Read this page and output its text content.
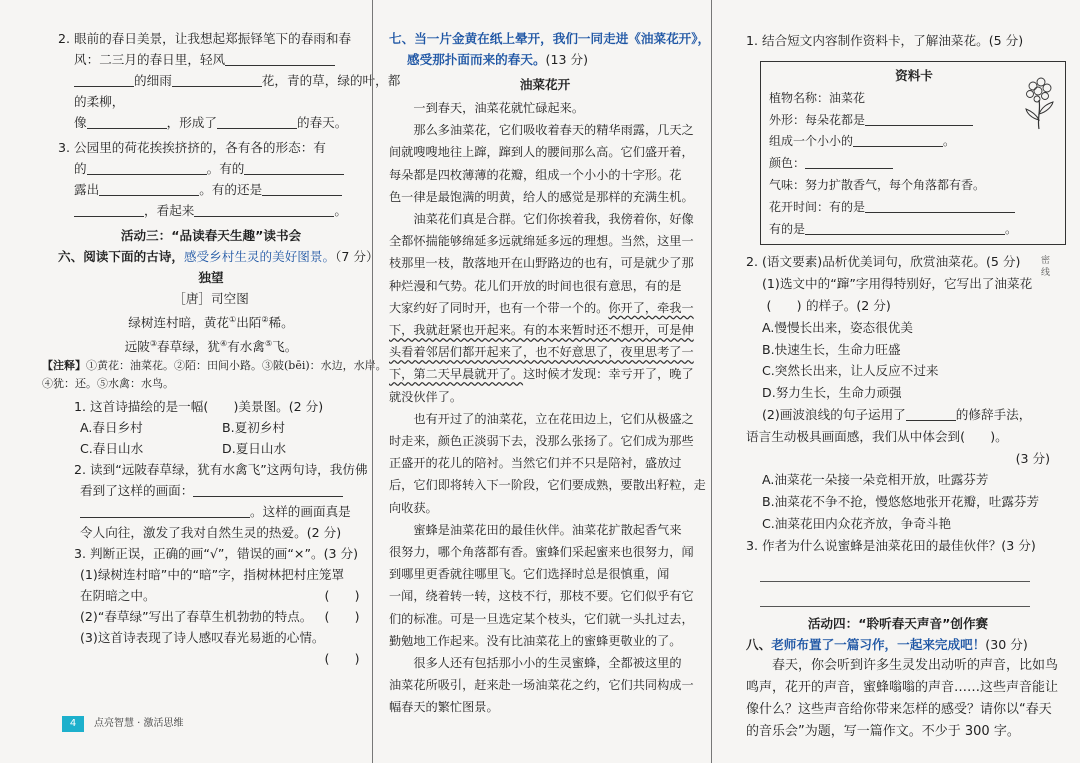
2. 眼前的春日美景，让我想起郑振铎笔下的春雨和春

风：二三月的春日里，轻风

的细雨	花，青的草，绿的叶，都

的柔柳，

像	，形成了	的春天。

3. 公园里的荷花挨挨挤挤的，各有各的形态：有

的	。有的

露出	。有的还是

，看起来	。

活动三：“品读春天生趣”读书会

六、阅读下面的古诗，感受乡村生灵的美好图景。（7 分）

独望

［唐］司空图

绿树连村暗，黄花①出陌②稀。

远陂③春草绿，犹④有水禽⑤飞。

【注释】①黄花：油菜花。②陌：田间小路。③陂(bēi)：水边，水岸。

④犹：还。⑤水禽：水鸟。

1. 这首诗描绘的是一幅(　　)美景图。(2 分)

A.春日乡村	B.夏初乡村
C.春日山水	D.夏日山水

2. 读到“远陂春草绿，犹有水禽飞”这两句诗，我仿佛

看到了这样的画面：

。这样的画面真是

令人向往，激发了我对自然生灵的热爱。(2 分)

3. 判断正误，正确的画“√”，错误的画“×”。(3 分)

(1)绿树连村暗”中的“暗”字，指树林把村庄笼罩

在阴暗之中。	(　　)

(2)“春草绿”写出了春草生机勃勃的特点。 (　　)

(3)这首诗表现了诗人感叹春光易逝的心情。

(　　)

七、当一片金黄在纸上晕开，我们一同走进《油菜花开》，

感受那扑面而来的春天。(13 分)

油菜花开

一到春天，油菜花就忙碌起来。

那么多油菜花，它们吸收着春天的精华雨露，几天之

间就嗖嗖地往上蹿，蹿到人的腰间那么高。它们盛开着，

每朵都是四枚薄薄的花瓣，组成一个小小的十字形。花

色一律是最饱满的明黄，给人的感觉是那样的充满生机。

油菜花们真是合群。它们你挨着我，我傍着你，好像

全都怀揣能够绵延多远就绵延多远的理想。当然，这里一

枝那里一枝，散落地开在山野路边的也有，可是就少了那

种烂漫和气势。花儿们开放的时间也很有意思，有的是

大家约好了同时开，也有一个带一个的。你开了，牵我一

下，我就赶紧也开起来。有的本来暂时还不想开，可是伸

头看着邻居们都开起来了，也不好意思了，夜里思考了一

下，第二天早晨就开了。这时候才发现：幸亏开了，晚了

就没伙伴了。

也有开过了的油菜花，立在花田边上，它们从极盛之

时走来，颜色正淡弱下去，没那么张扬了。它们成为那些

正盛开的花儿的陪衬。当然它们并不只是陪衬，盛放过

后，它们即将转入下一阶段，它们要成熟，要散出籽粒，走

向收获。

蜜蜂是油菜花田的最佳伙伴。油菜花扩散起香气来

很努力，哪个角落都有香。蜜蜂们采起蜜来也很努力，闻

到哪里更香就往哪里飞。它们选择时总是很慎重，闻

一闻，绕着转一转，这枝不行，那枝不要。它们似乎有它

们的标准。可是一旦选定某个枝头，它们就一头扎过去，

勤勉地工作起来。没有比油菜花上的蜜蜂更敬业的了。

很多人还有包括那小小的生灵蜜蜂，全都被这里的

油菜花所吸引，赶来赴一场油菜花之约，它们共同构成一

幅春天的繁忙图景。

1. 结合短文内容制作资料卡，了解油菜花。(5 分)

资料卡

植物名称：油菜花

外形：每朵花都是

组成一个小小的	。

颜色：

气味：努力扩散香气，每个角落都有香。

花开时间：有的是

有的是	。

2. (语文要素)品析优美词句，欣赏油菜花。(5 分)

(1)选文中的“蹿”字用得特别好，它写出了油菜花

(　　) 的样子。(2 分)

A.慢慢长出来，姿态很优美

B.快速生长，生命力旺盛

C.突然长出来，让人反应不过来

D.努力生长，生命力顽强

(2)画波浪线的句子运用了	的修辞手法，

语言生动极具画面感，我们从中体会到(　　)。

(3 分)

A.油菜花一朵接一朵竞相开放，吐露芬芳

B.油菜花不争不抢，慢悠悠地张开花瓣，吐露芬芳

C.油菜花田内众花齐放，争奇斗艳

3. 作者为什么说蜜蜂是油菜花田的最佳伙伴？(3 分)

活动四：“聆听春天声音”创作赛

八、老师布置了一篇习作，一起来完成吧！(30 分)

春天，你会听到许多生灵发出动听的声音，比如鸟

鸣声，花开的声音，蜜蜂嗡嗡的声音……这些声音能让

像什么？这些声音给你带来怎样的感受？请你以“春天

的音乐会”为题，写一篇作文。不少于 300 字。

4	点亮智慧 · 激活思维
密 线
